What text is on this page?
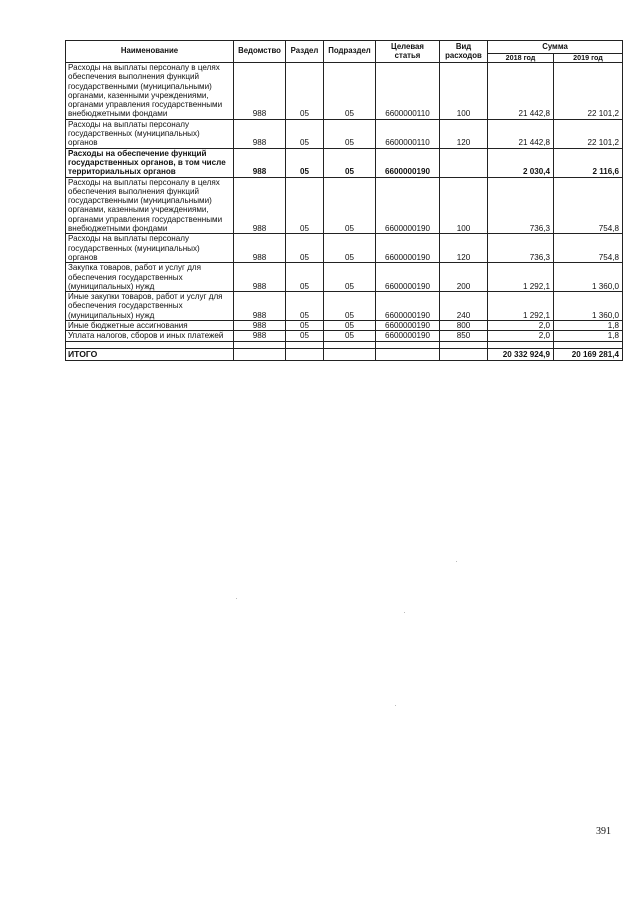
Наименование	Ведомство	Раздел	Подраздел	Целевая статья	Вид расходов	Сумма	
						2018 год	2019 год
Расходы на выплаты персоналу в целях обеспечения выполнения функций государственными (муниципальными) органами, казенными учреждениями, органами управления государственными внебюджетными фондами	988	05	05	6600000110	100	21 442,8	22 101,2
Расходы на выплаты персоналу государственных (муниципальных) органов	988	05	05	6600000110	120	21 442,8	22 101,2
Расходы на обеспечение функций государственных органов, в том числе территориальных органов	988	05	05	6600000190		2 030,4	2 116,6
Расходы на выплаты персоналу в целях обеспечения выполнения функций государственными (муниципальными) органами, казенными учреждениями, органами управления государственными внебюджетными фондами	988	05	05	6600000190	100	736,3	754,8
Расходы на выплаты персоналу государственных (муниципальных) органов	988	05	05	6600000190	120	736,3	754,8
Закупка товаров, работ и услуг для обеспечения государственных (муниципальных) нужд	988	05	05	6600000190	200	1 292,1	1 360,0
Иные закупки товаров, работ и услуг для обеспечения государственных (муниципальных) нужд	988	05	05	6600000190	240	1 292,1	1 360,0
Иные бюджетные ассигнования	988	05	05	6600000190	800	2,0	1,8
Уплата налогов, сборов и иных платежей	988	05	05	6600000190	850	2,0	1,8

ИТОГО						20 332 924,9	20 169 281,4
391
